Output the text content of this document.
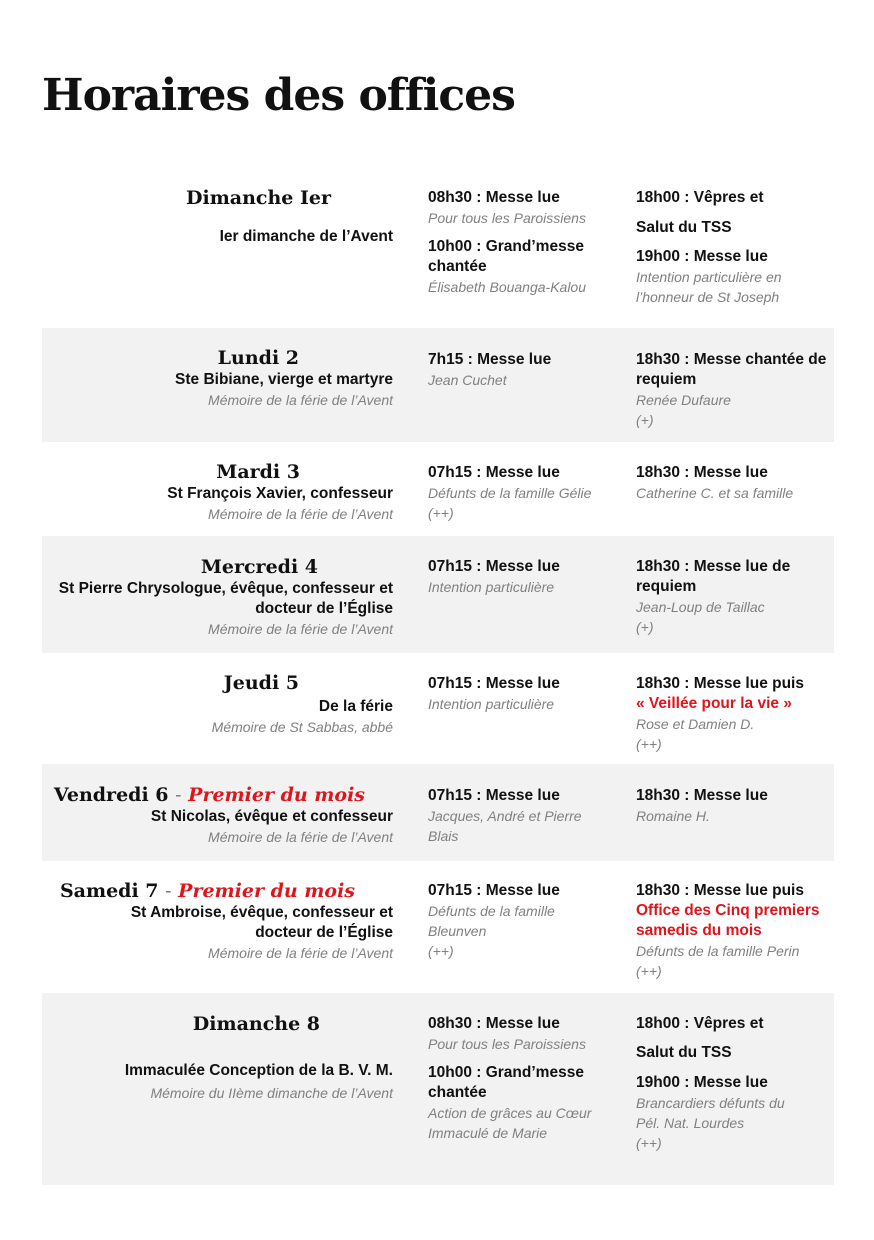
Horaires des offices
Dimanche Ier
Ier dimanche de l’Avent
08h30 : Messe lue
Pour tous les Paroissiens
10h00 : Grand’messe chantée
Élisabeth Bouanga-Kalou
18h00 : Vêpres et
Salut du TSS
19h00 : Messe lue
Intention particulière en l’honneur de St Joseph
Lundi 2
Ste Bibiane, vierge et martyre
Mémoire de la férie de l’Avent
7h15 : Messe lue
Jean Cuchet
18h30 : Messe chantée de requiem
Renée Dufaure
(+)
Mardi 3
St François Xavier, confesseur
Mémoire de la férie de l’Avent
07h15 : Messe lue
Défunts de la famille Gélie
(++)
18h30 : Messe lue
Catherine C. et sa famille
Mercredi 4
St Pierre Chrysologue, évêque, confesseur et docteur de l’Église
Mémoire de la férie de l’Avent
07h15 : Messe lue
Intention particulière
18h30 : Messe lue de requiem
Jean-Loup de Taillac
(+)
Jeudi 5
De la férie
Mémoire de St Sabbas, abbé
07h15 : Messe lue
Intention particulière
18h30 : Messe lue puis
« Veillée pour la vie »
Rose et Damien D.
(++)
Vendredi 6 - Premier du mois
St Nicolas, évêque et confesseur
Mémoire de la férie de l’Avent
07h15 : Messe lue
Jacques, André et Pierre Blais
18h30 : Messe lue
Romaine H.
Samedi 7 - Premier du mois
St Ambroise, évêque, confesseur et docteur de l’Église
Mémoire de la férie de l’Avent
07h15 : Messe lue
Défunts de la famille Bleunven
(++)
18h30 : Messe lue puis
Office des Cinq premiers samedis du mois
Défunts de la famille Perin
(++)
Dimanche 8
Immaculée Conception de la B. V. M.
Mémoire du IIème dimanche de l’Avent
08h30 : Messe lue
Pour tous les Paroissiens
10h00 : Grand’messe chantée
Action de grâces au Cœur Immaculé de Marie
18h00 : Vêpres et
Salut du TSS
19h00 : Messe lue
Brancardiers défunts du Pél. Nat. Lourdes
(++)
